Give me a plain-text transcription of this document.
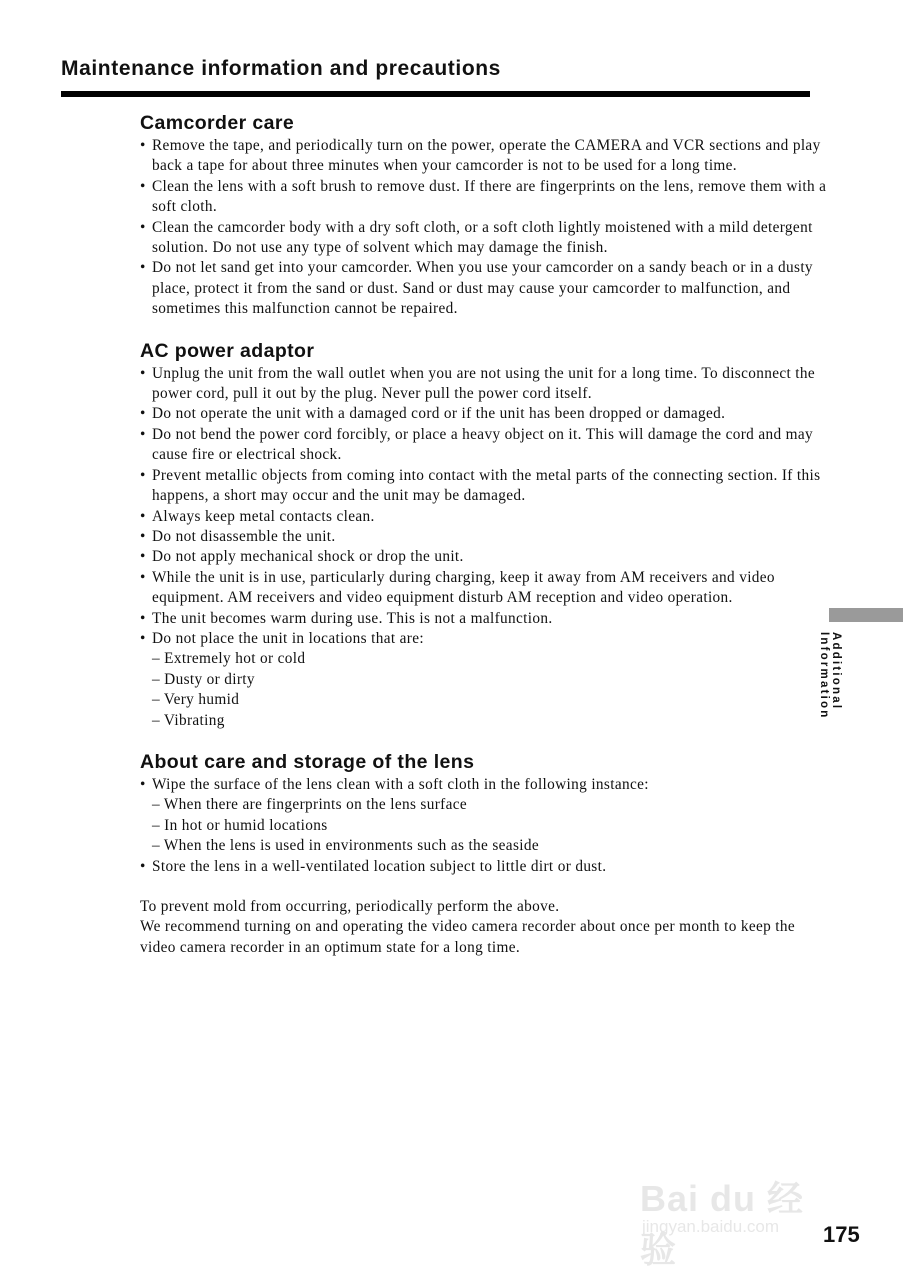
Maintenance information and precautions
Camcorder care
• Remove the tape, and periodically turn on the power, operate the CAMERA and VCR sections and play back a tape for about three minutes when your camcorder is not to be used for a long time.
• Clean the lens with a soft brush to remove dust. If there are fingerprints on the lens, remove them with a soft cloth.
• Clean the camcorder body with a dry soft cloth, or a soft cloth lightly moistened with a mild detergent solution. Do not use any type of solvent which may damage the finish.
• Do not let sand get into your camcorder. When you use your camcorder on a sandy beach or in a dusty place, protect it from the sand or dust. Sand or dust may cause your camcorder to malfunction, and sometimes this malfunction cannot be repaired.
AC power adaptor
• Unplug the unit from the wall outlet when you are not using the unit for a long time. To disconnect the power cord, pull it out by the plug. Never pull the power cord itself.
• Do not operate the unit with a damaged cord or if the unit has been dropped or damaged.
• Do not bend the power cord forcibly, or place a heavy object on it. This will damage the cord and may cause fire or electrical shock.
• Prevent metallic objects from coming into contact with the metal parts of the connecting section. If this happens, a short may occur and the unit may be damaged.
• Always keep metal contacts clean.
• Do not disassemble the unit.
• Do not apply mechanical shock or drop the unit.
• While the unit is in use, particularly during charging, keep it away from AM receivers and video equipment. AM receivers and video equipment disturb AM reception and video operation.
• The unit becomes warm during use. This is not a malfunction.
• Do not place the unit in locations that are:
– Extremely hot or cold
– Dusty or dirty
– Very humid
– Vibrating
About care and storage of the lens
• Wipe the surface of the lens clean with a soft cloth in the following instance:
– When there are fingerprints on the lens surface
– In hot or humid locations
– When the lens is used in environments such as the seaside
• Store the lens in a well-ventilated location subject to little dirt or dust.

To prevent mold from occurring, periodically perform the above.

We recommend turning on and operating the video camera recorder about once per month to keep the video camera recorder in an optimum state for a long time.

Additional Information
Bai du 经验
jingyan.baidu.com 175
